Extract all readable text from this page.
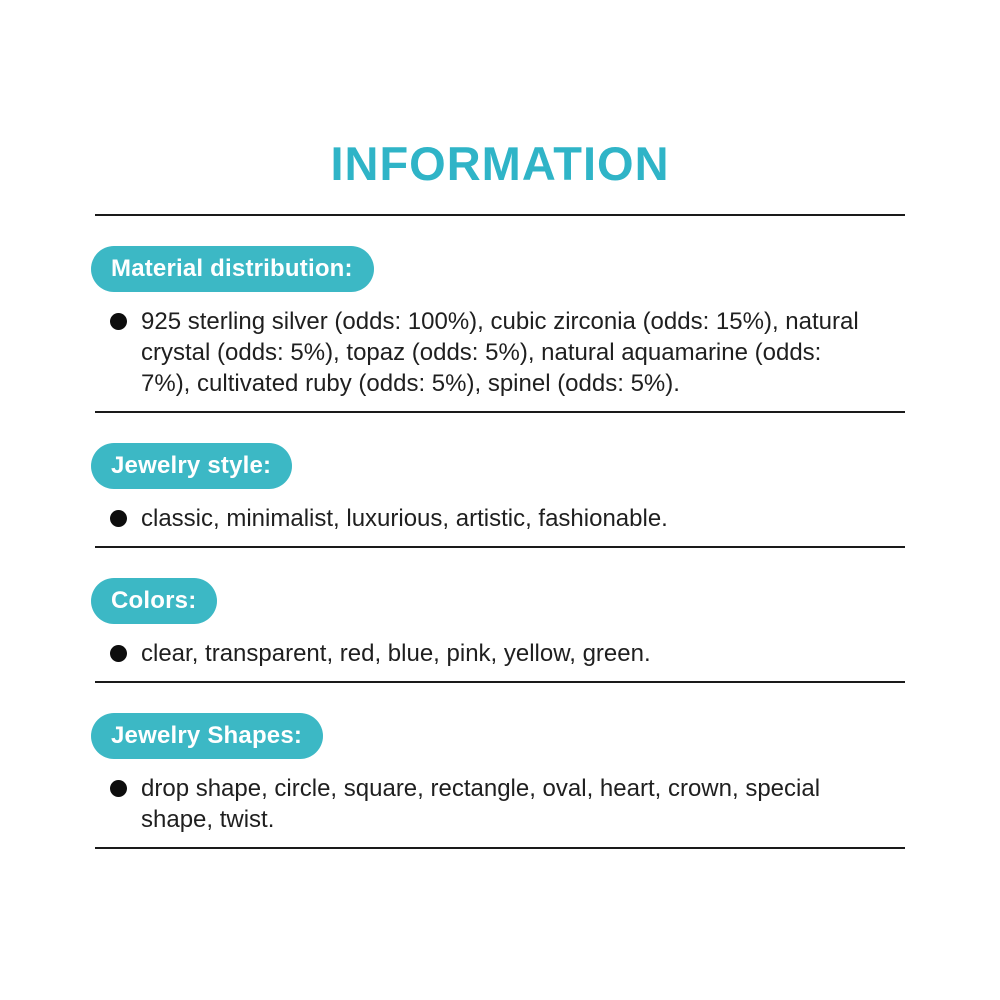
INFORMATION
Material distribution:

925 sterling silver (odds: 100%), cubic zirconia (odds: 15%), natural crystal (odds: 5%), topaz (odds: 5%), natural aquamarine (odds: 7%), cultivated ruby (odds: 5%), spinel (odds: 5%).

Jewelry style:

classic, minimalist, luxurious, artistic, fashionable.

Colors:

clear, transparent, red, blue, pink, yellow, green.

Jewelry Shapes:

drop shape, circle, square, rectangle, oval, heart, crown, special shape, twist.
